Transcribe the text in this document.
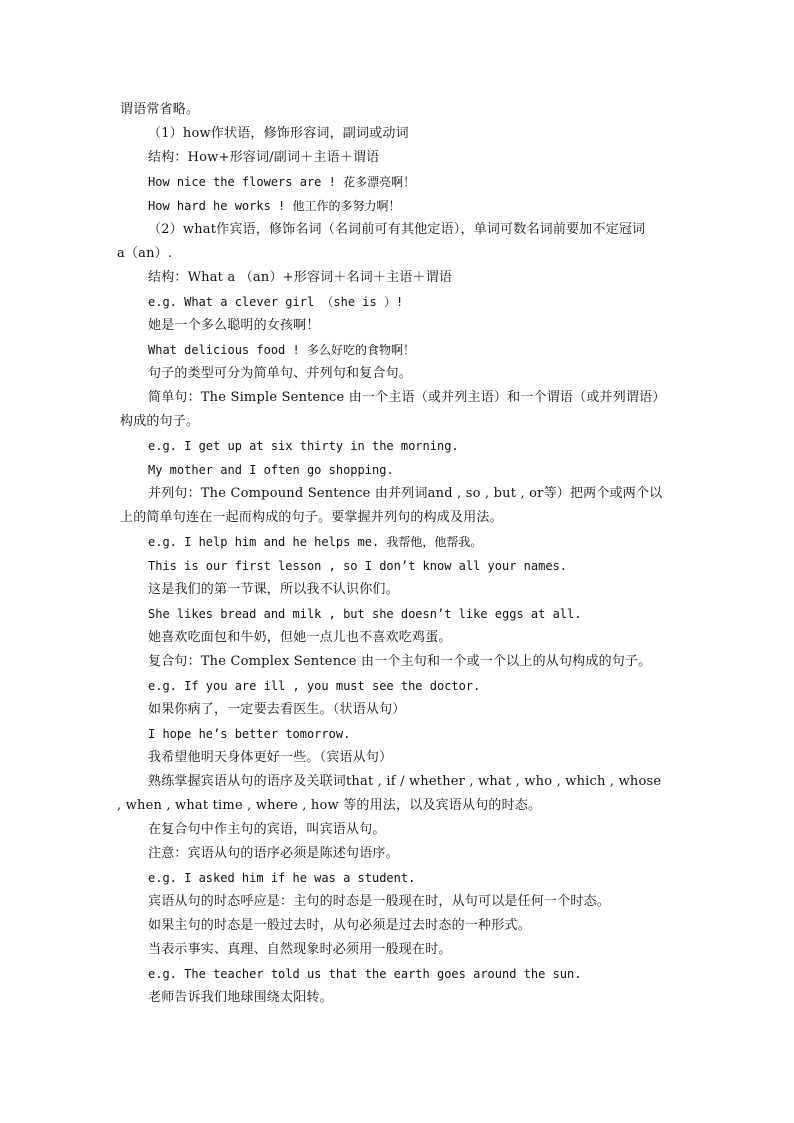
谓语常省略。
（1）how作状语，修饰形容词，副词或动词
结构：How+形容词/副词＋主语＋谓语
How nice the flowers are ! 花多漂亮啊！
How hard he works ! 他工作的多努力啊！
（2）what作宾语，修饰名词（名词前可有其他定语），单词可数名词前要加不定冠词
a（an）.
结构：What a （an）+形容词＋名词＋主语＋谓语
e.g. What a clever girl （she is ）!
她是一个多么聪明的女孩啊！
What delicious food ! 多么好吃的食物啊！
句子的类型可分为简单句、并列句和复合句。
简单句：The Simple Sentence 由一个主语（或并列主语）和一个谓语（或并列谓语）
构成的句子。
e.g. I get up at six thirty in the morning.
My mother and I often go shopping.
并列句：The Compound Sentence 由并列词and , so , but , or等）把两个或两个以
上的简单句连在一起而构成的句子。要掌握并列句的构成及用法。
e.g. I help him and he helps me. 我帮他，他帮我。
This is our first lesson , so I don’t know all your names.
这是我们的第一节课，所以我不认识你们。
She likes bread and milk , but she doesn’t like eggs at all.
她喜欢吃面包和牛奶，但她一点儿也不喜欢吃鸡蛋。
复合句：The Complex Sentence 由一个主句和一个或一个以上的从句构成的句子。
e.g. If you are ill , you must see the doctor.
如果你病了，一定要去看医生。（状语从句）
I hope he’s better tomorrow.
我希望他明天身体更好一些。（宾语从句）
熟练掌握宾语从句的语序及关联词that , if / whether , what , who , which , whose
, when , what time , where , how 等的用法，以及宾语从句的时态。
在复合句中作主句的宾语，叫宾语从句。
注意：宾语从句的语序必须是陈述句语序。
e.g. I asked him if he was a student.
宾语从句的时态呼应是：主句的时态是一般现在时，从句可以是任何一个时态。
如果主句的时态是一般过去时，从句必须是过去时态的一种形式。
当表示事实、真理、自然现象时必须用一般现在时。
e.g. The teacher told us that the earth goes around the sun.
老师告诉我们地球围绕太阳转。
